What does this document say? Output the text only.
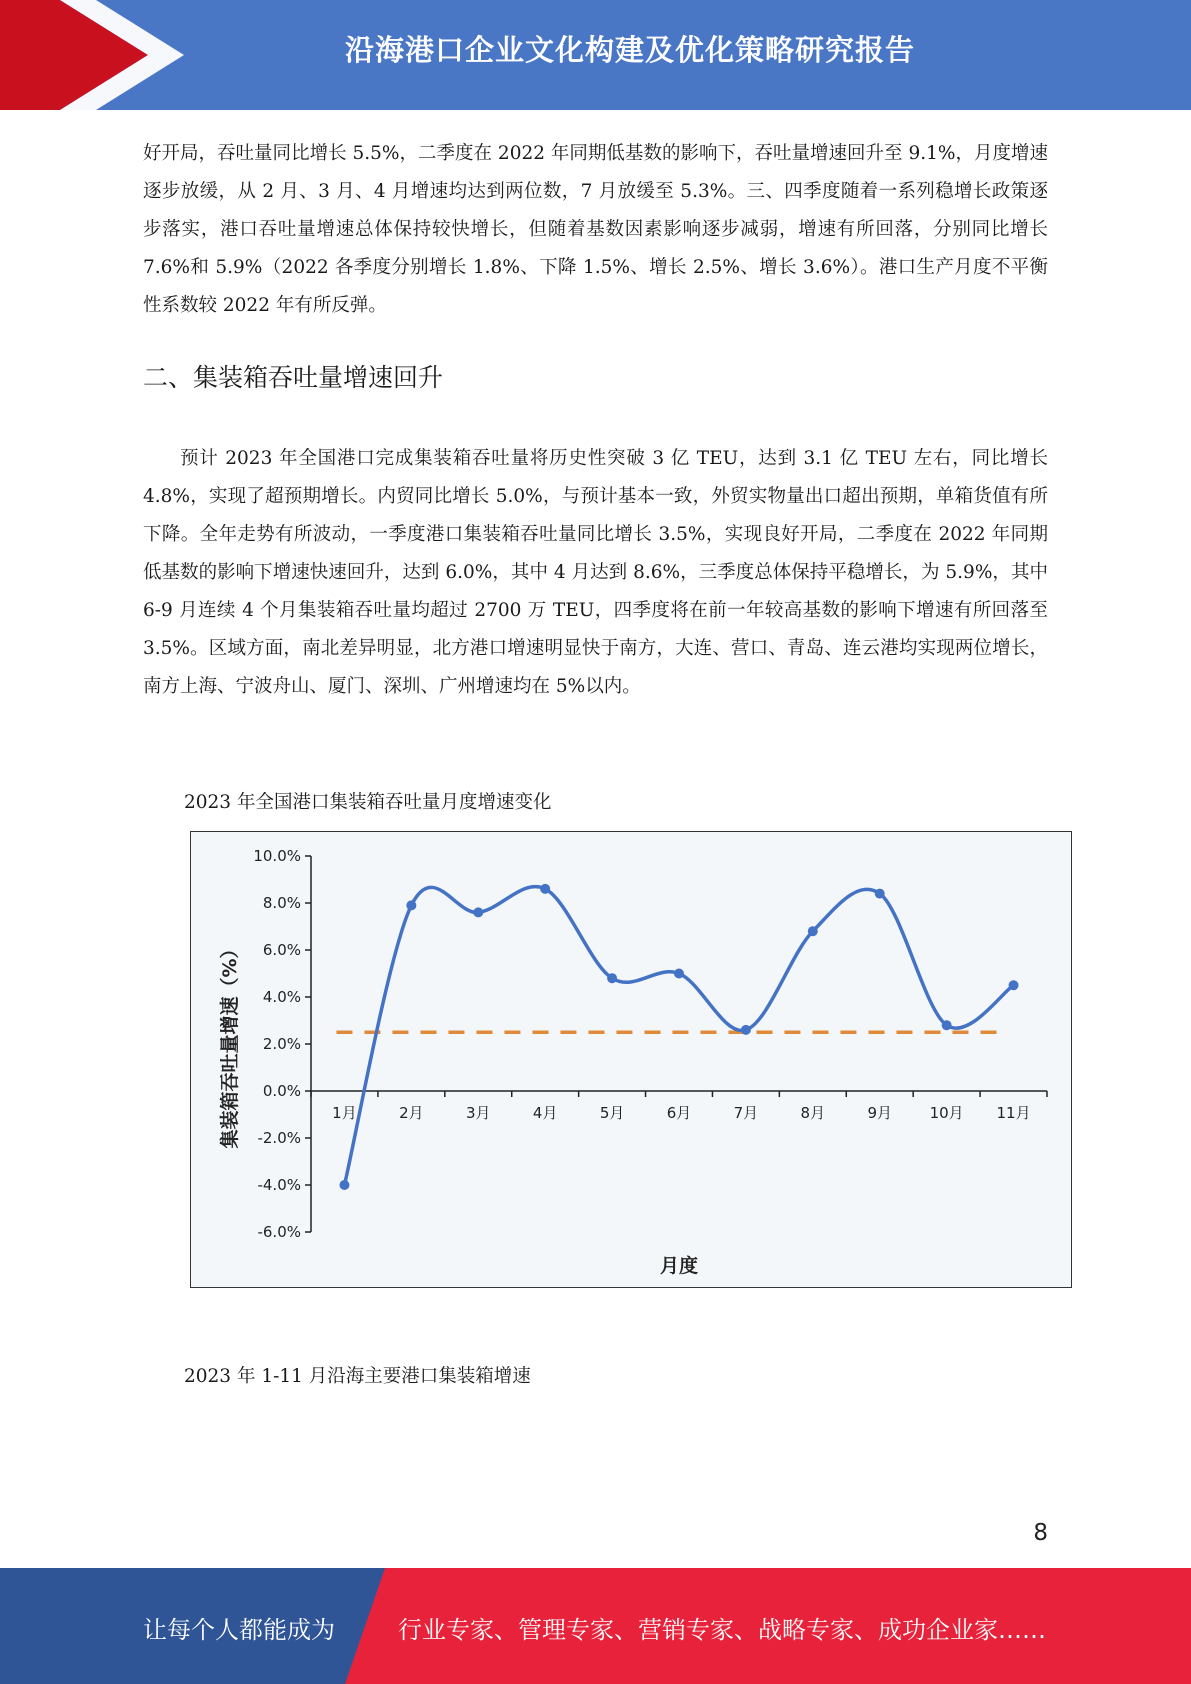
沿海港口企业文化构建及优化策略研究报告

好开局，吞吐量同比增长 5.5%，二季度在 2022 年同期低基数的影响下，吞吐量增速回升至 9.1%，月度增速逐步放缓，从 2 月、3 月、4 月增速均达到两位数，7 月放缓至 5.3%。三、四季度随着一系列稳增长政策逐步落实，港口吞吐量增速总体保持较快增长，但随着基数因素影响逐步减弱，增速有所回落，分别同比增长 7.6%和 5.9%（2022 各季度分别增长 1.8%、下降 1.5%、增长 2.5%、增长 3.6%）。港口生产月度不平衡性系数较 2022 年有所反弹。

二、集装箱吞吐量增速回升

预计 2023 年全国港口完成集装箱吞吐量将历史性突破 3 亿 TEU，达到 3.1 亿 TEU 左右，同比增长 4.8%，实现了超预期增长。内贸同比增长 5.0%，与预计基本一致，外贸实物量出口超出预期，单箱货值有所下降。全年走势有所波动，一季度港口集装箱吞吐量同比增长 3.5%，实现良好开局，二季度在 2022 年同期低基数的影响下增速快速回升，达到 6.0%，其中 4 月达到 8.6%，三季度总体保持平稳增长，为 5.9%，其中 6-9 月连续 4 个月集装箱吞吐量均超过 2700 万 TEU，四季度将在前一年较高基数的影响下增速有所回落至 3.5%。区域方面，南北差异明显，北方港口增速明显快于南方，大连、营口、青岛、连云港均实现两位增长，南方上海、宁波舟山、厦门、深圳、广州增速均在 5%以内。

2023 年全国港口集装箱吞吐量月度增速变化

10.0%
8.0%
6.0%
4.0%
2.0%
0.0%
-2.0%
-4.0%
-6.0%
1月	2月	3月	4月	5月	6月	7月	8月	9月	10月 11月
月度
集装箱吞吐量增速（%）

2023 年 1-11 月沿海主要港口集装箱增速

8
让每个人都能成为	行业专家、管理专家、营销专家、战略专家、成功企业家……
